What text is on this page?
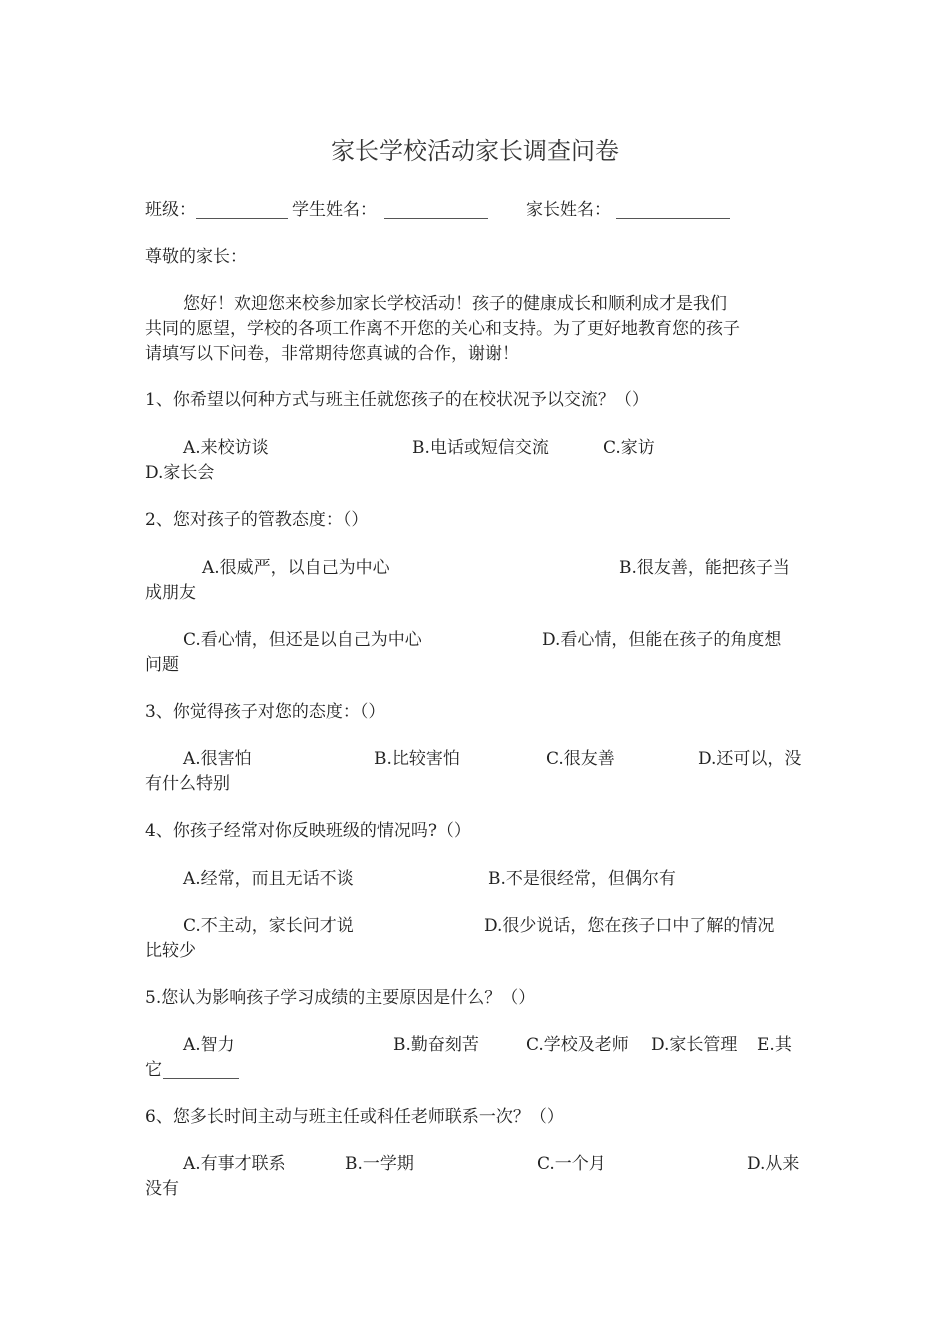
家长学校活动家长调查问卷
班级：	学生姓名：	家长姓名：
尊敬的家长：
您好！欢迎您来校参加家长学校活动！孩子的健康成长和顺利成才是我们
共同的愿望，学校的各项工作离不开您的关心和支持。为了更好地教育您的孩子
请填写以下问卷，非常期待您真诚的合作，谢谢！
1、你希望以何种方式与班主任就您孩子的在校状况予以交流？（）
A.来校访谈	B.电话或短信交流	C.家访
D.家长会
2、您对孩子的管教态度：（）
A.很威严，以自己为中心	B.很友善，能把孩子当
成朋友
C.看心情，但还是以自己为中心	D.看心情，但能在孩子的角度想
问题
3、你觉得孩子对您的态度：（）
A.很害怕	B.比较害怕	C.很友善	D.还可以，没
有什么特别
4、你孩子经常对你反映班级的情况吗?（）
A.经常，而且无话不谈	B.不是很经常，但偶尔有
C.不主动，家长问才说	D.很少说话，您在孩子口中了解的情况
比较少
5.您认为影响孩子学习成绩的主要原因是什么？（）
A.智力	B.勤奋刻苦	C.学校及老师 D.家长管理 E.其
它
6、您多长时间主动与班主任或科任老师联系一次？（）
A.有事才联系	B.一学期	C.一个月	D.从来
没有
